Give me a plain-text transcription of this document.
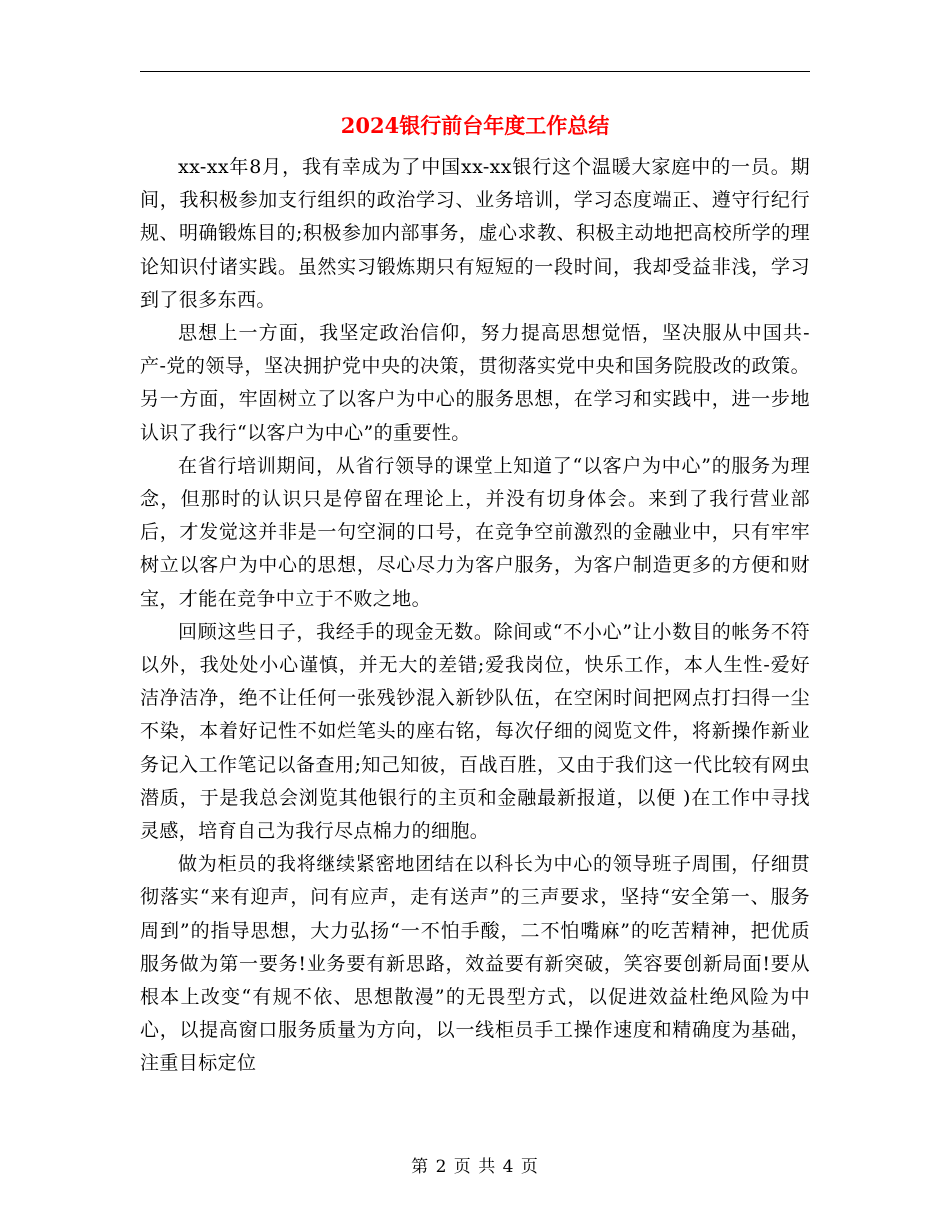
2024银行前台年度工作总结

xx-xx年8月，我有幸成为了中国xx-xx银行这个温暖大家庭中的一员。期间，我积极参加支行组织的政治学习、业务培训，学习态度端正、遵守行纪行规、明确锻炼目的;积极参加内部事务，虚心求教、积极主动地把高校所学的理论知识付诸实践。虽然实习锻炼期只有短短的一段时间，我却受益非浅，学习到了很多东西。

思想上一方面，我坚定政治信仰，努力提高思想觉悟，坚决服从中国共-产-党的领导，坚决拥护党中央的决策，贯彻落实党中央和国务院股改的政策。另一方面，牢固树立了以客户为中心的服务思想，在学习和实践中，进一步地认识了我行“以客户为中心”的重要性。

在省行培训期间，从省行领导的课堂上知道了“以客户为中心”的服务为理念，但那时的认识只是停留在理论上，并没有切身体会。来到了我行营业部后，才发觉这并非是一句空洞的口号，在竞争空前激烈的金融业中，只有牢牢树立以客户为中心的思想，尽心尽力为客户服务，为客户制造更多的方便和财宝，才能在竞争中立于不败之地。

回顾这些日子，我经手的现金无数。除间或“不小心”让小数目的帐务不符以外，我处处小心谨慎，并无大的差错;爱我岗位，快乐工作，本人生性-爱好洁净洁净，绝不让任何一张残钞混入新钞队伍，在空闲时间把网点打扫得一尘不染，本着好记性不如烂笔头的座右铭，每次仔细的阅览文件，将新操作新业务记入工作笔记以备查用;知己知彼，百战百胜，又由于我们这一代比较有网虫潜质，于是我总会浏览其他银行的主页和金融最新报道，以便 )在工作中寻找灵感，培育自己为我行尽点棉力的细胞。

做为柜员的我将继续紧密地团结在以科长为中心的领导班子周围，仔细贯彻落实“来有迎声，问有应声，走有送声”的三声要求，坚持“安全第一、服务周到”的指导思想，大力弘扬“一不怕手酸，二不怕嘴麻”的吃苦精神，把优质服务做为第一要务!业务要有新思路，效益要有新突破，笑容要创新局面!要从根本上改变“有规不依、思想散漫”的无畏型方式，以促进效益杜绝风险为中心，以提高窗口服务质量为方向，以一线柜员手工操作速度和精确度为基础，注重目标定位

第 2 页 共 4 页
